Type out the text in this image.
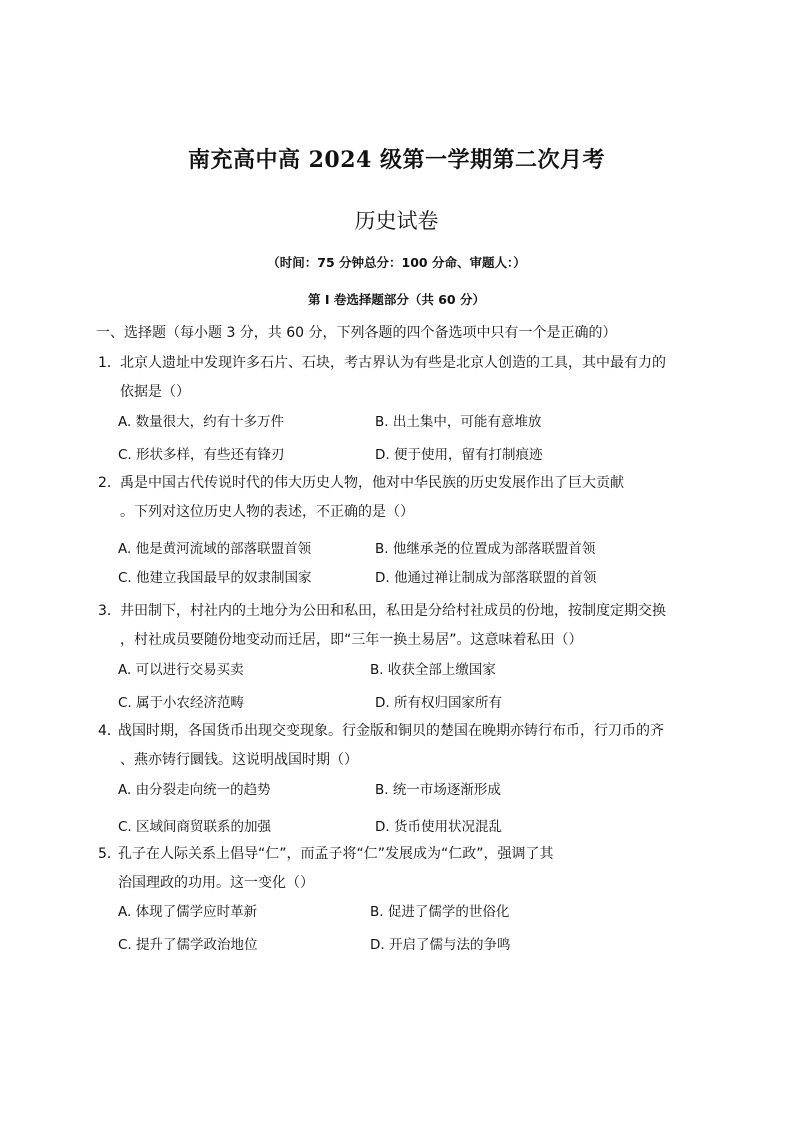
南充高中高 2024 级第一学期第二次月考
历史试卷
（时间：75 分钟总分：100 分命、审题人：）
第 I 卷选择题部分（共 60 分）
一、选择题（每小题 3 分，共 60 分，下列各题的四个备选项中只有一个是正确的）
1． 北京人遗址中发现许多石片、石块，考古界认为有些是北京人创造的工具，其中最有力的
依据是（）
A. 数量很大，约有十多万件	B. 出土集中，可能有意堆放
C. 形状多样，有些还有锋刃	D. 便于使用，留有打制痕迹
2． 禹是中国古代传说时代的伟大历史人物，他对中华民族的历史发展作出了巨大贡献
。下列对这位历史人物的表述，不正确的是（）
A. 他是黄河流域的部落联盟首领	B. 他继承尧的位置成为部落联盟首领
C. 他建立我国最早的奴隶制国家	D. 他通过禅让制成为部落联盟的首领
3． 井田制下，村社内的土地分为公田和私田，私田是分给村社成员的份地，按制度定期交换
，村社成员要随份地变动而迁居，即“三年一换土易居”。这意味着私田（）
A. 可以进行交易买卖	B. 收获全部上缴国家
C. 属于小农经济范畴	D. 所有权归国家所有
4．
战国时期，各国货币出现交变现象。行金版和铜贝的楚国在晚期亦铸行布币，行刀币的齐
、燕亦铸行圜钱。这说明战国时期（）
A. 由分裂走向统一的趋势	B. 统一市场逐渐形成
C. 区域间商贸联系的加强	D. 货币使用状况混乱
5．
孔子在人际关系上倡导“仁”，而孟子将“仁”发展成为“仁政”，强调了其
治国理政的功用。这一变化（）
A. 体现了儒学应时革新	B. 促进了儒学的世俗化
C. 提升了儒学政治地位	D. 开启了儒与法的争鸣
